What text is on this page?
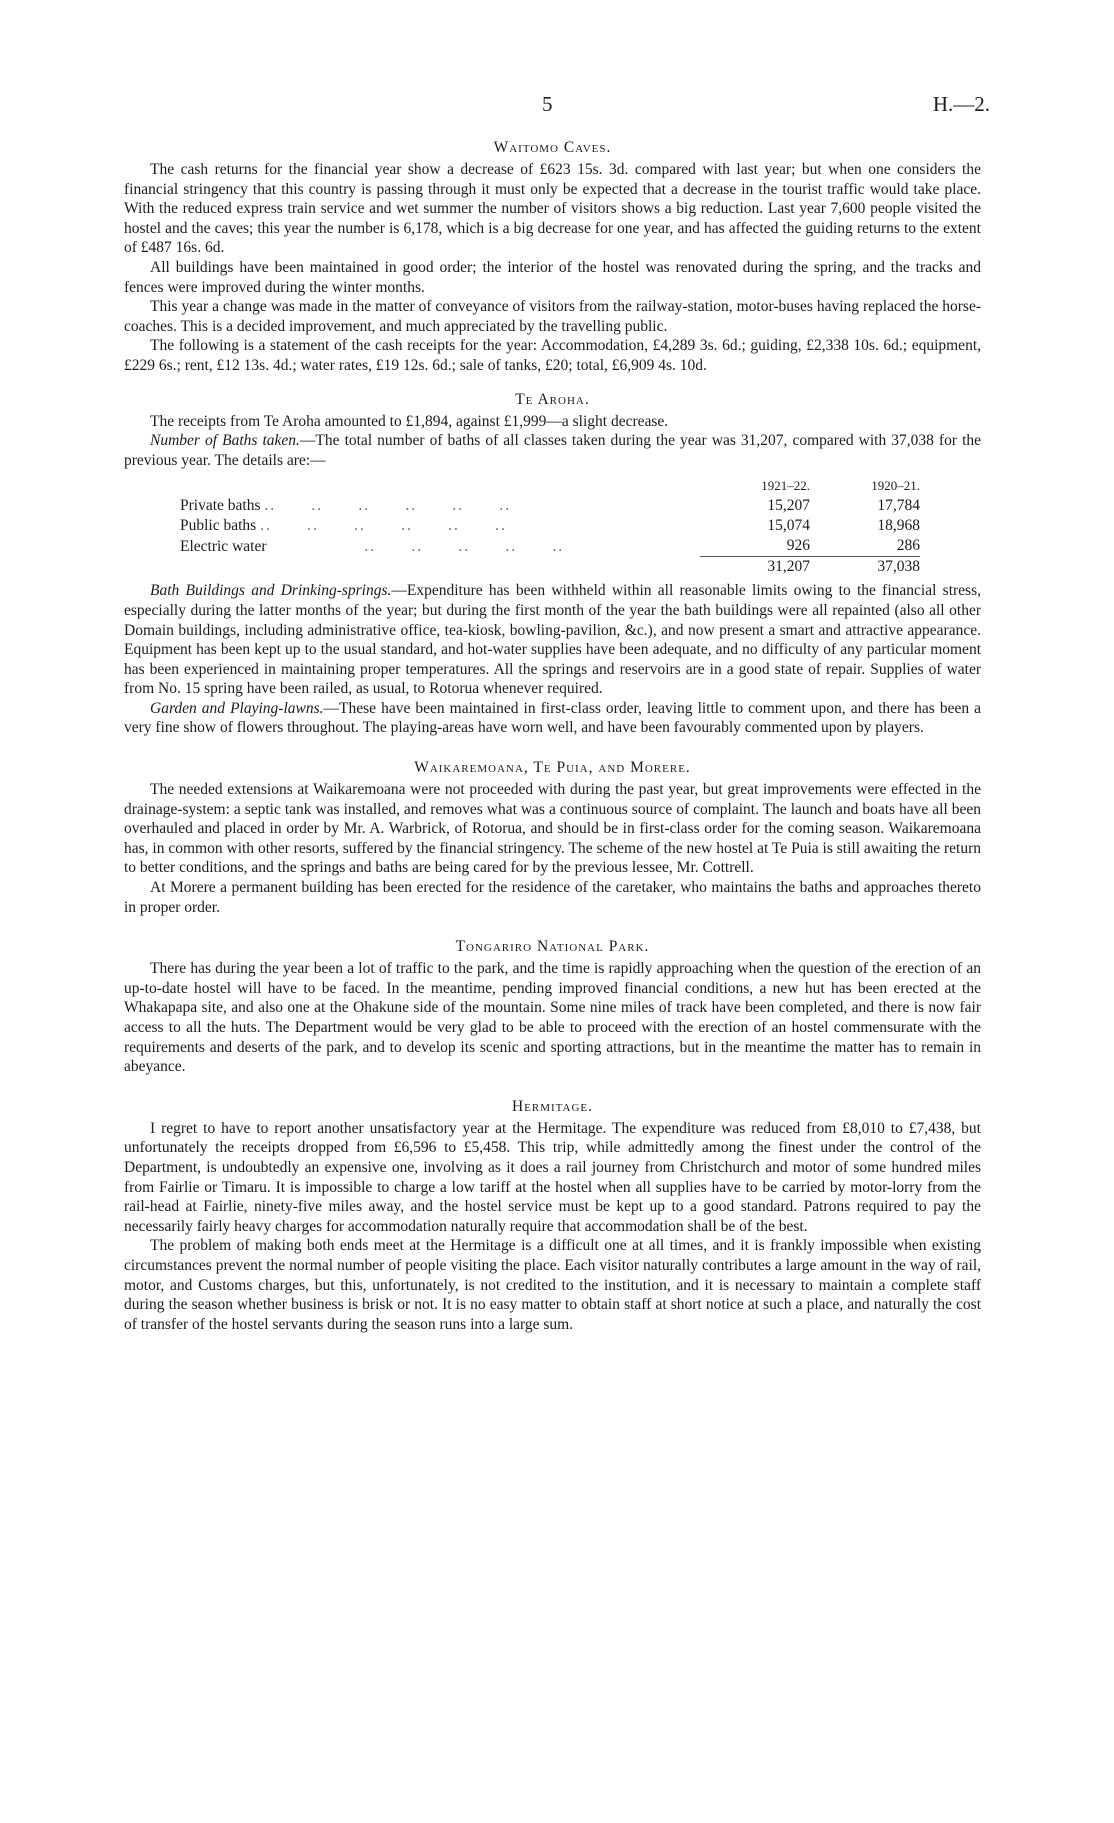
5	H.—2.
Waitomo Caves.

The cash returns for the financial year show a decrease of £623 15s. 3d. compared with last year; but when one considers the financial stringency that this country is passing through it must only be expected that a decrease in the tourist traffic would take place. With the reduced express train service and wet summer the number of visitors shows a big reduction. Last year 7,600 people visited the hostel and the caves; this year the number is 6,178, which is a big decrease for one year, and has affected the guiding returns to the extent of £487 16s. 6d.

All buildings have been maintained in good order; the interior of the hostel was renovated during the spring, and the tracks and fences were improved during the winter months.

This year a change was made in the matter of conveyance of visitors from the railway-station, motor-buses having replaced the horse-coaches. This is a decided improvement, and much appreciated by the travelling public.

The following is a statement of the cash receipts for the year: Accommodation, £4,289 3s. 6d.; guiding, £2,338 10s. 6d.; equipment, £229 6s.; rent, £12 13s. 4d.; water rates, £19 12s. 6d.; sale of tanks, £20; total, £6,909 4s. 10d.

Te Aroha.

The receipts from Te Aroha amounted to £1,894, against £1,999—a slight decrease.

Number of Baths taken.—The total number of baths of all classes taken during the year was 31,207, compared with 37,038 for the previous year. The details are:—

	1921–22.	1920–21.
Private baths ..      ..      ..      ..      ..      ..	15,207	17,784
Public baths ..      ..      ..      ..      ..      ..	15,074	18,968
Electric water                 ..      ..      ..      ..      ..	926	286
	31,207	37,038

Bath Buildings and Drinking-springs.—Expenditure has been withheld within all reasonable limits owing to the financial stress, especially during the latter months of the year; but during the first month of the year the bath buildings were all repainted (also all other Domain buildings, including administrative office, tea-kiosk, bowling-pavilion, &c.), and now present a smart and attractive appearance. Equipment has been kept up to the usual standard, and hot-water supplies have been adequate, and no difficulty of any particular moment has been experienced in maintaining proper temperatures. All the springs and reservoirs are in a good state of repair. Supplies of water from No. 15 spring have been railed, as usual, to Rotorua whenever required.

Garden and Playing-lawns.—These have been maintained in first-class order, leaving little to comment upon, and there has been a very fine show of flowers throughout. The playing-areas have worn well, and have been favourably commented upon by players.

Waikaremoana, Te Puia, and Morere.

The needed extensions at Waikaremoana were not proceeded with during the past year, but great improvements were effected in the drainage-system: a septic tank was installed, and removes what was a continuous source of complaint. The launch and boats have all been overhauled and placed in order by Mr. A. Warbrick, of Rotorua, and should be in first-class order for the coming season. Waikaremoana has, in common with other resorts, suffered by the financial stringency. The scheme of the new hostel at Te Puia is still awaiting the return to better conditions, and the springs and baths are being cared for by the previous lessee, Mr. Cottrell.

At Morere a permanent building has been erected for the residence of the caretaker, who maintains the baths and approaches thereto in proper order.

Tongariro National Park.

There has during the year been a lot of traffic to the park, and the time is rapidly approaching when the question of the erection of an up-to-date hostel will have to be faced. In the meantime, pending improved financial conditions, a new hut has been erected at the Whakapapa site, and also one at the Ohakune side of the mountain. Some nine miles of track have been completed, and there is now fair access to all the huts. The Department would be very glad to be able to proceed with the erection of an hostel commensurate with the requirements and deserts of the park, and to develop its scenic and sporting attractions, but in the meantime the matter has to remain in abeyance.

Hermitage.

I regret to have to report another unsatisfactory year at the Hermitage. The expenditure was reduced from £8,010 to £7,438, but unfortunately the receipts dropped from £6,596 to £5,458. This trip, while admittedly among the finest under the control of the Department, is undoubtedly an expensive one, involving as it does a rail journey from Christchurch and motor of some hundred miles from Fairlie or Timaru. It is impossible to charge a low tariff at the hostel when all supplies have to be carried by motor-lorry from the rail-head at Fairlie, ninety-five miles away, and the hostel service must be kept up to a good standard. Patrons required to pay the necessarily fairly heavy charges for accommodation naturally require that accommodation shall be of the best.

The problem of making both ends meet at the Hermitage is a difficult one at all times, and it is frankly impossible when existing circumstances prevent the normal number of people visiting the place. Each visitor naturally contributes a large amount in the way of rail, motor, and Customs charges, but this, unfortunately, is not credited to the institution, and it is necessary to maintain a complete staff during the season whether business is brisk or not. It is no easy matter to obtain staff at short notice at such a place, and naturally the cost of transfer of the hostel servants during the season runs into a large sum.
